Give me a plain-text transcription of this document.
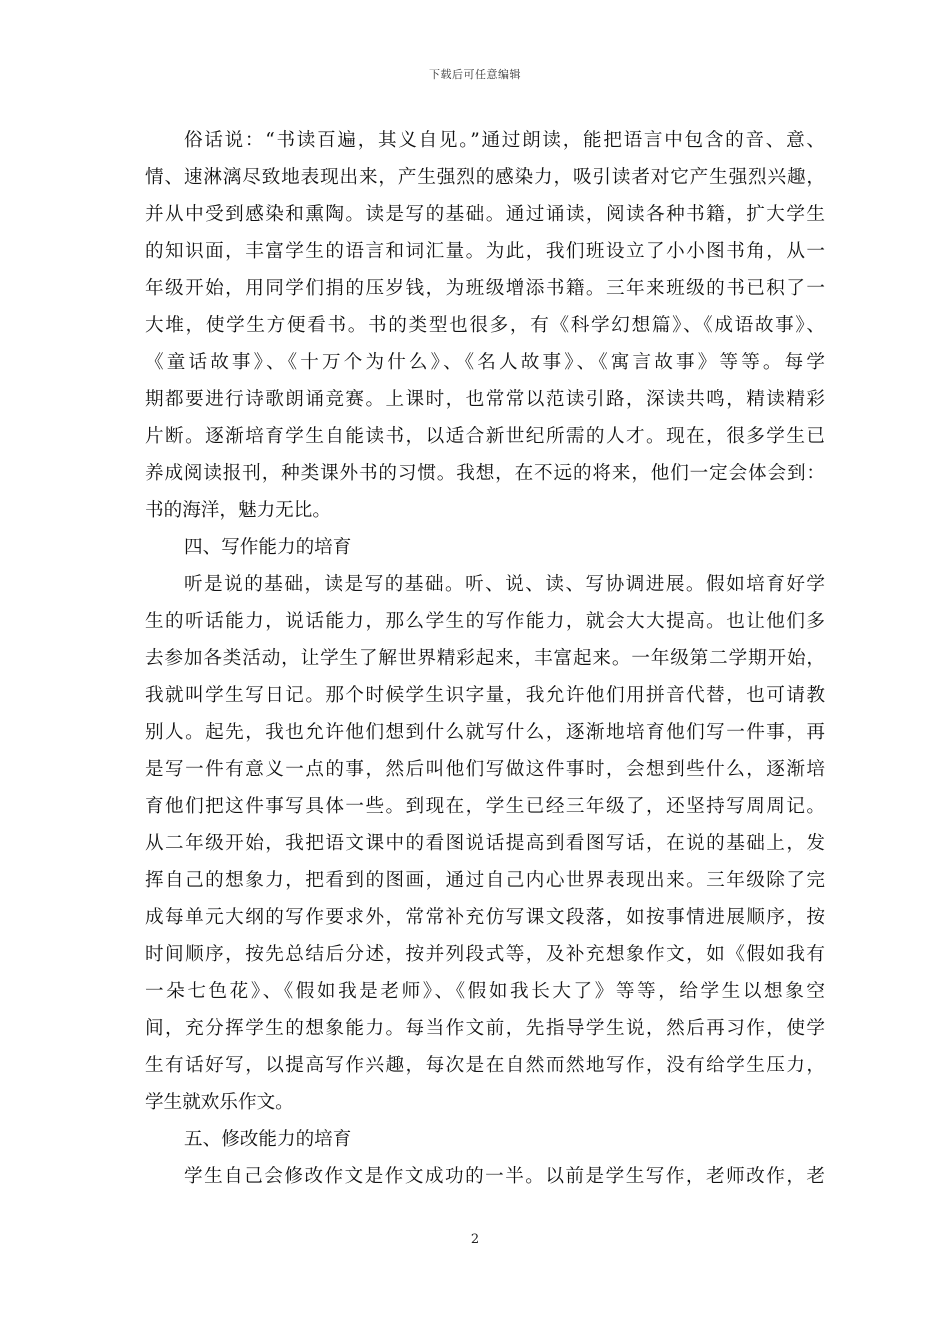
下载后可任意编辑
俗话说：“书读百遍，其义自见。”通过朗读，能把语言中包含的音、意、
情、速淋漓尽致地表现出来，产生强烈的感染力，吸引读者对它产生强烈兴趣，
并从中受到感染和熏陶。读是写的基础。通过诵读，阅读各种书籍，扩大学生
的知识面，丰富学生的语言和词汇量。为此，我们班设立了小小图书角，从一
年级开始，用同学们捐的压岁钱，为班级增添书籍。三年来班级的书已积了一
大堆，使学生方便看书。书的类型也很多，有《科学幻想篇》、《成语故事》、
《童话故事》、《十万个为什么》、《名人故事》、《寓言故事》等等。每学
期都要进行诗歌朗诵竞赛。上课时，也常常以范读引路，深读共鸣，精读精彩
片断。逐渐培育学生自能读书，以适合新世纪所需的人才。现在，很多学生已
养成阅读报刊，种类课外书的习惯。我想，在不远的将来，他们一定会体会到：
书的海洋，魅力无比。
四、写作能力的培育
听是说的基础，读是写的基础。听、说、读、写协调进展。假如培育好学
生的听话能力，说话能力，那么学生的写作能力，就会大大提高。也让他们多
去参加各类活动，让学生了解世界精彩起来，丰富起来。一年级第二学期开始，
我就叫学生写日记。那个时候学生识字量，我允许他们用拼音代替，也可请教
别人。起先，我也允许他们想到什么就写什么，逐渐地培育他们写一件事，再
是写一件有意义一点的事，然后叫他们写做这件事时，会想到些什么，逐渐培
育他们把这件事写具体一些。到现在，学生已经三年级了，还坚持写周周记。
从二年级开始，我把语文课中的看图说话提高到看图写话，在说的基础上，发
挥自己的想象力，把看到的图画，通过自己内心世界表现出来。三年级除了完
成每单元大纲的写作要求外，常常补充仿写课文段落，如按事情进展顺序，按
时间顺序，按先总结后分述，按并列段式等，及补充想象作文，如《假如我有
一朵七色花》、《假如我是老师》、《假如我长大了》等等，给学生以想象空
间，充分挥学生的想象能力。每当作文前，先指导学生说，然后再习作，使学
生有话好写，以提高写作兴趣，每次是在自然而然地写作，没有给学生压力，
学生就欢乐作文。
五、修改能力的培育
学生自己会修改作文是作文成功的一半。以前是学生写作，老师改作，老
2
